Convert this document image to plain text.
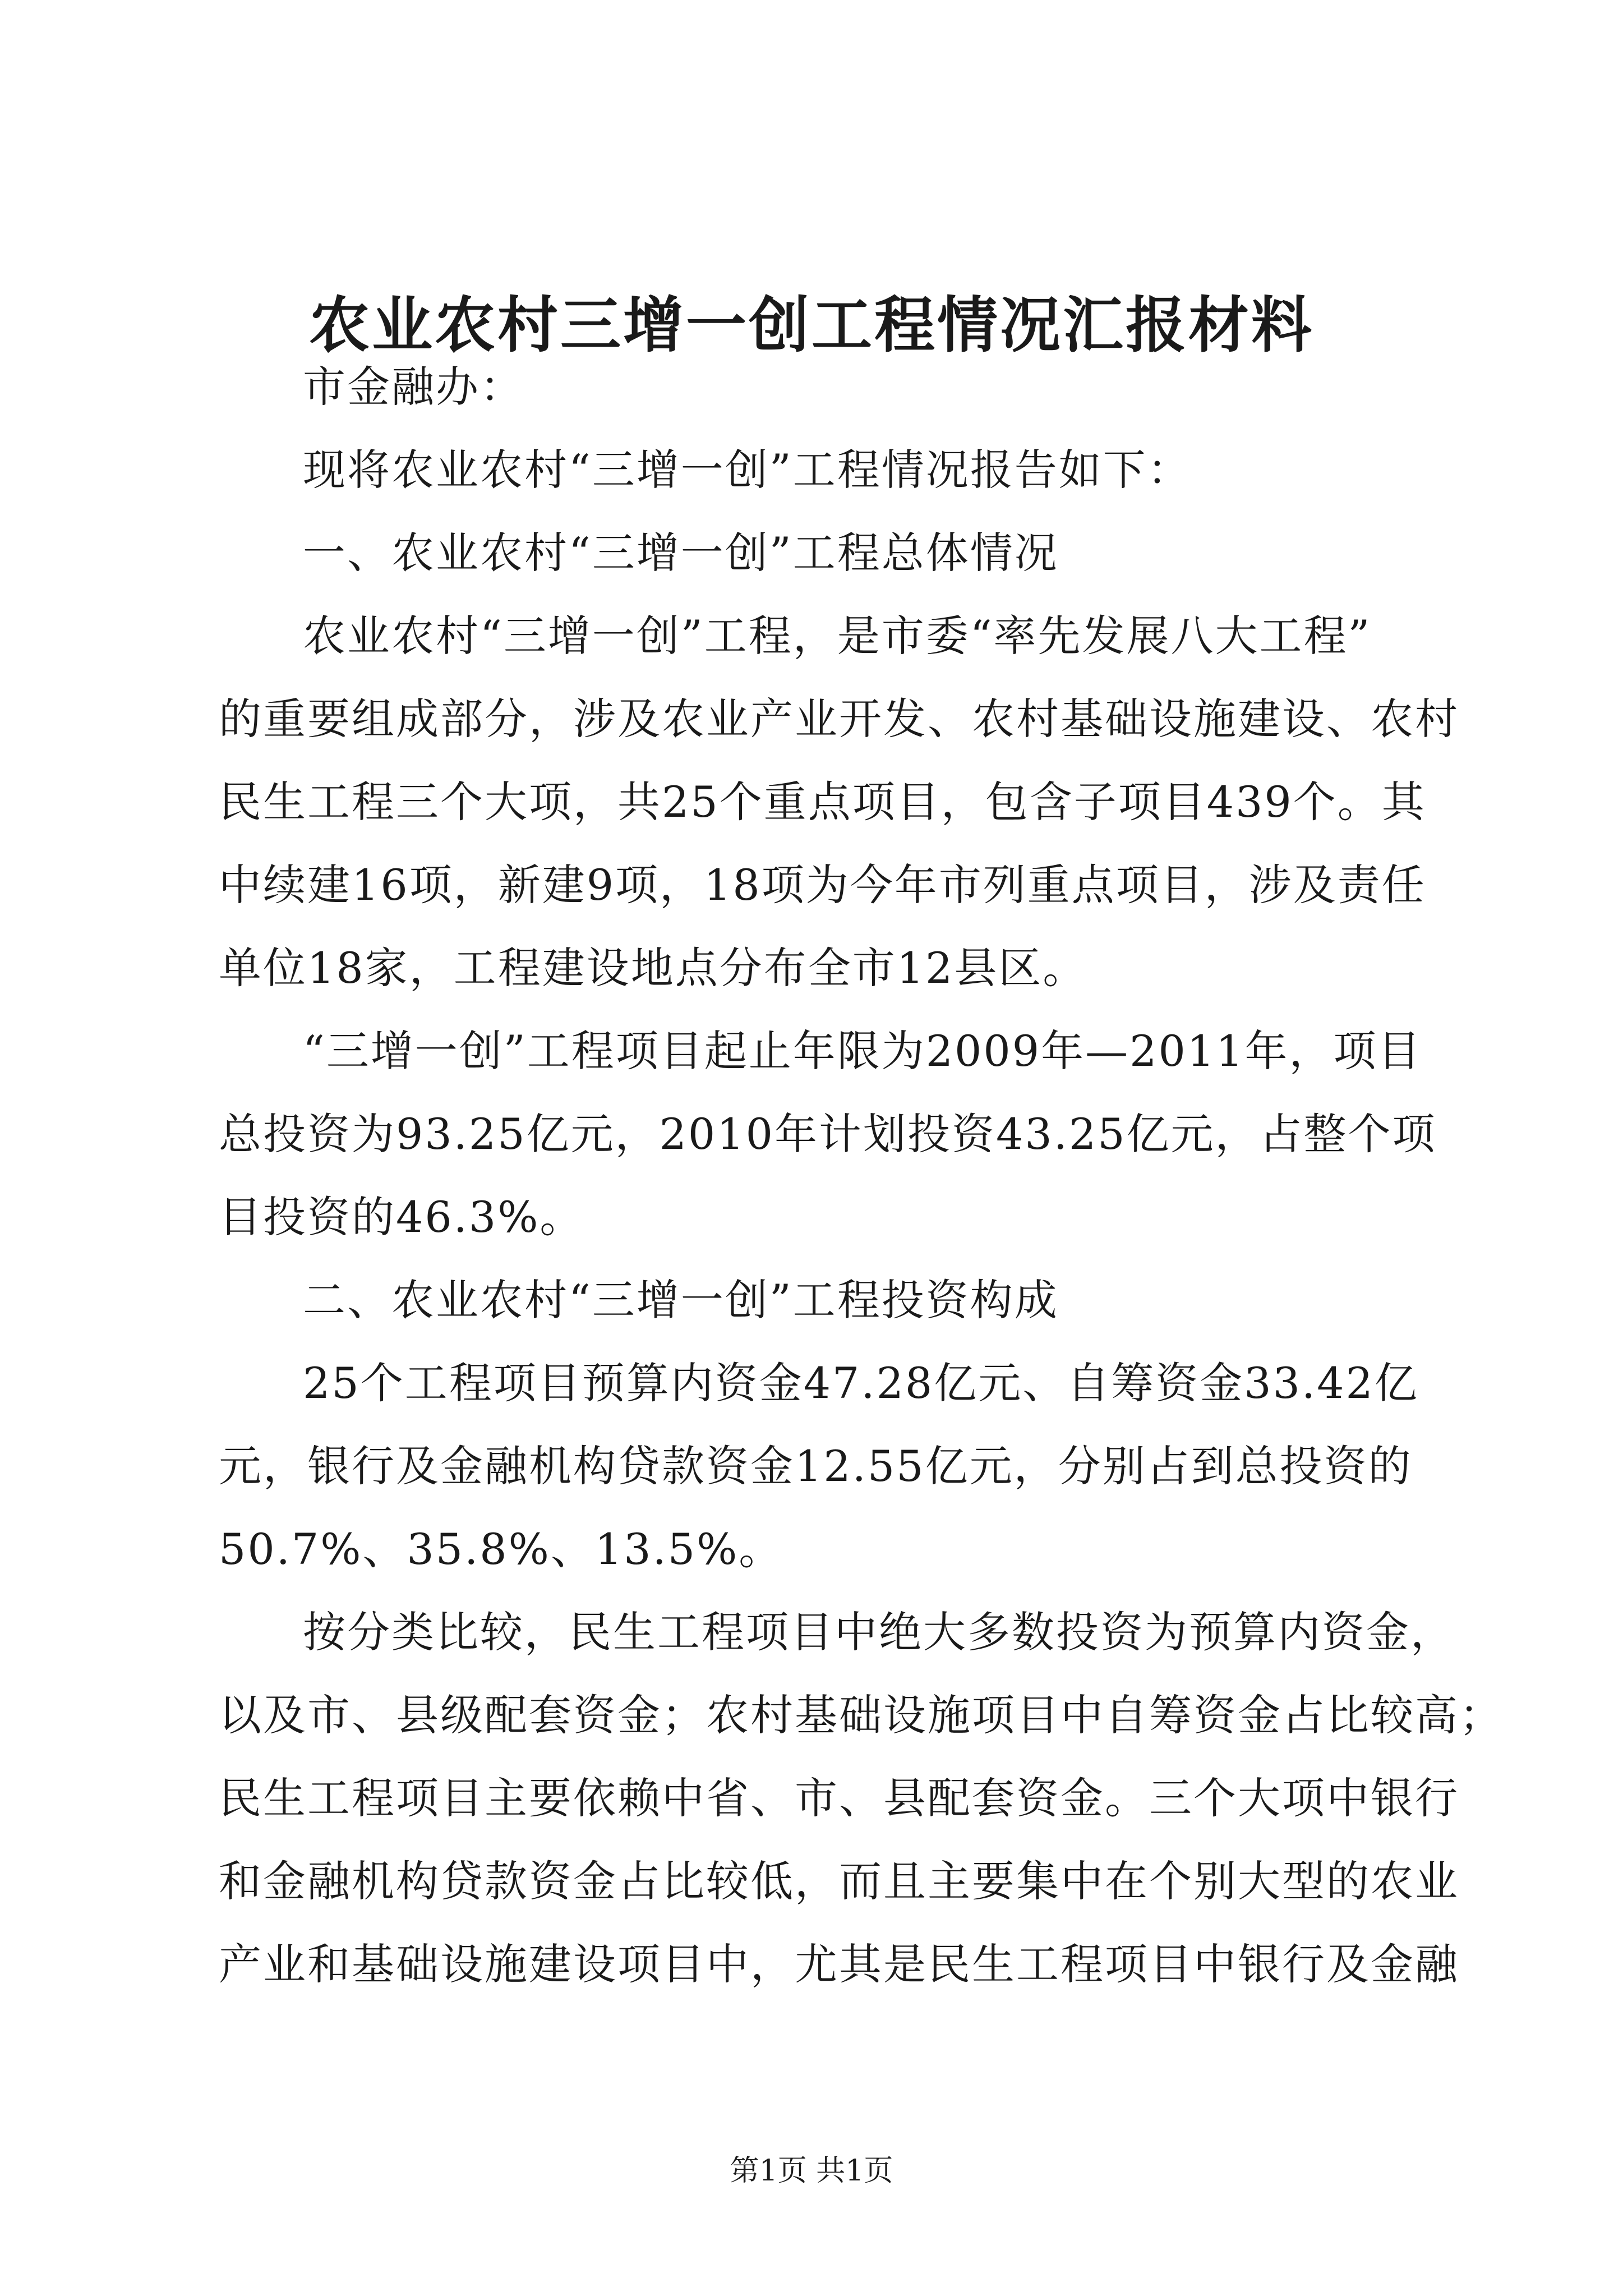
农业农村三增一创工程情况汇报材料
市金融办：
现将农业农村“三增一创”工程情况报告如下：
一、农业农村“三增一创”工程总体情况
农业农村“三增一创”工程，是市委“率先发展八大工程”
的重要组成部分，涉及农业产业开发、农村基础设施建设、农村
民生工程三个大项，共25个重点项目，包含子项目439个。其
中续建16项，新建9项，18项为今年市列重点项目，涉及责任
单位18家，工程建设地点分布全市12县区。
“三增一创”工程项目起止年限为2009年—2011年，项目
总投资为93.25亿元，2010年计划投资43.25亿元，占整个项
目投资的46.3%。
二、农业农村“三增一创”工程投资构成
25个工程项目预算内资金47.28亿元、自筹资金33.42亿
元，银行及金融机构贷款资金12.55亿元，分别占到总投资的
50.7%、35.8%、13.5%。
按分类比较，民生工程项目中绝大多数投资为预算内资金，
以及市、县级配套资金；农村基础设施项目中自筹资金占比较高；
民生工程项目主要依赖中省、市、县配套资金。三个大项中银行
和金融机构贷款资金占比较低，而且主要集中在个别大型的农业
产业和基础设施建设项目中，尤其是民生工程项目中银行及金融
第1页 共1页
